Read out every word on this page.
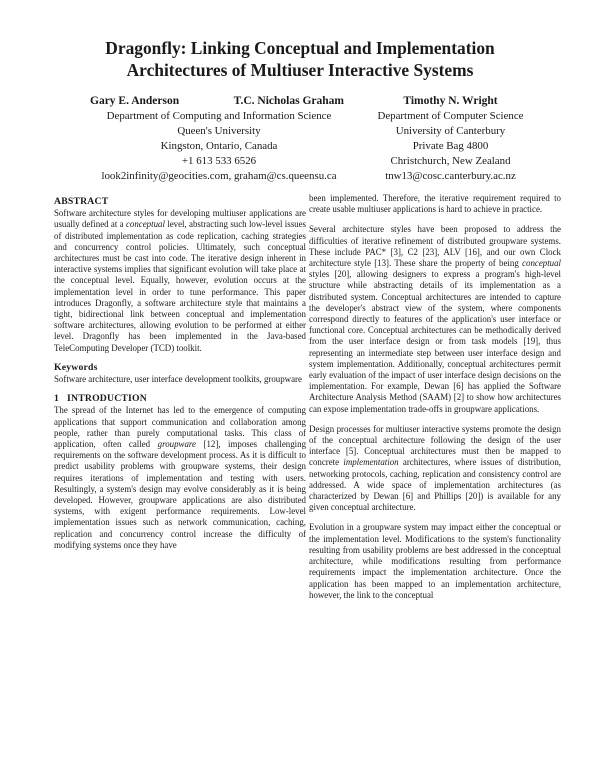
Dragonfly: Linking Conceptual and Implementation
Architectures of Multiuser Interactive Systems
Gary E. Anderson	T.C. Nicholas Graham
Department of Computing and Information Science
Queen's University
Kingston, Ontario, Canada
+1 613 533 6526
look2infinity@geocities.com, graham@cs.queensu.ca
Timothy N. Wright
Department of Computer Science
University of Canterbury
Private Bag 4800
Christchurch, New Zealand
tnw13@cosc.canterbury.ac.nz
ABSTRACT

Software architecture styles for developing multiuser applications are usually defined at a conceptual level, abstracting such low-level issues of distributed implementation as code replication, caching strategies and concurrency control policies. Ultimately, such conceptual architectures must be cast into code. The iterative design inherent in interactive systems implies that significant evolution will take place at the conceptual level. Equally, however, evolution occurs at the implementation level in order to tune performance. This paper introduces Dragonfly, a software architecture style that maintains a tight, bidirectional link between conceptual and implementation software architectures, allowing evolution to be performed at either level. Dragonfly has been implemented in the Java-based TeleComputing Developer (TCD) toolkit.

Keywords

Software architecture, user interface development toolkits, groupware

1 INTRODUCTION

The spread of the Internet has led to the emergence of computing applications that support communication and collaboration among people, rather than purely computational tasks. This class of application, often called groupware [12], imposes challenging requirements on the software development process. As it is difficult to predict usability problems with groupware systems, their design requires iterations of implementation and testing with users. Resultingly, a system's design may evolve considerably as it is being developed. However, groupware applications are also distributed systems, with exigent performance requirements. Low-level implementation issues such as network communication, caching, replication and concurrency control increase the difficulty of modifying systems once they have

been implemented. Therefore, the iterative requirement required to create usable multiuser applications is hard to achieve in practice.

Several architecture styles have been proposed to address the difficulties of iterative refinement of distributed groupware systems. These include PAC* [3], C2 [23], ALV [16], and our own Clock architecture style [13]. These share the property of being conceptual styles [20], allowing designers to express a program's high-level structure while abstracting details of its implementation as a distributed system. Conceptual architectures are intended to capture the developer's abstract view of the system, where components correspond directly to features of the application's user interface or functional core. Conceptual architectures can be methodically derived from the user interface design or from task models [19], thus representing an intermediate step between user interface design and system implementation. Additionally, conceptual architectures permit early evaluation of the impact of user interface design decisions on the implementation. For example, Dewan [6] has applied the Software Architecture Analysis Method (SAAM) [2] to show how architectures can expose implementation trade-offs in groupware applications.

Design processes for multiuser interactive systems promote the design of the conceptual architecture following the design of the user interface [5]. Conceptual architectures must then be mapped to concrete implementation architectures, where issues of distribution, networking protocols, caching, replication and consistency control are addressed. A wide space of implementation architectures (as characterized by Dewan [6] and Phillips [20]) is available for any given conceptual architecture.

Evolution in a groupware system may impact either the conceptual or the implementation level. Modifications to the system's functionality resulting from usability problems are best addressed in the conceptual architecture, while modifications resulting from performance requirements impact the implementation architecture. Once the application has been mapped to an implementation architecture, however, the link to the conceptual
